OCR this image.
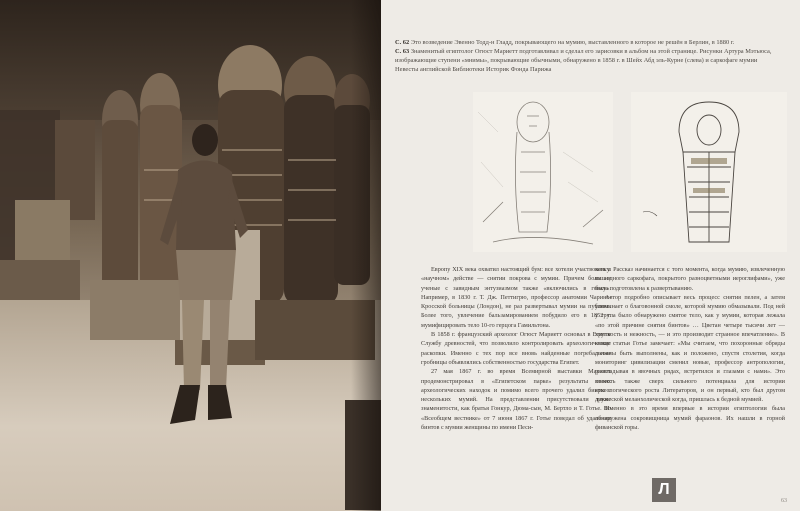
С. 62 Это возведение Эвенно Тодд-н Гладд, покрывающего на мумию, выставленного в которое не решён в Берлин, в 1880 г.
С. 63 Знаменитый египтолог Огюст Мариетт подготавливал и сделал его зарисовки в альбом на этой странице. Рисунки Артура Мэтьюса, изображающие ступени «мнимы», покрывающие обычными, обнаружено в 1858 г. в Шейх Абд эль-Курне (слева) и саркофаге мумии Невесты английской Библиотеки Историк Фонда Парижа

Европу XIX века охватил настоящий бум: все хотели участвовать в «научном» действе — снятии покрова с мумии. Причем большие ученые с завидным энтузиазмом также «включились в гонку». Например, в 1830 г. Т. Дж. Петтигрю, профессор анатомии Чаринг-Кросской больницы (Лондон), не раз развертывал мумии на публике. Более того, увлечение бальзамированием побудило его в 1852 г. мумифицировать тело 10-го герцога Гамильтона.

В 1858 г. французский археолог Огюст Мариетт основал в Египте Службу древностей, что позволило контролировать археологические раскопки. Именно с тех пор все вновь найденные погребальные гробницы объявлялись собственностью государства Египет.

27 мая 1867 г. во время Всемирной выставки Мариетт продемонстрировал в «Египетском парке» результаты своих археологических находок и помимо всего прочего удалил бинты с нескольких мумий. На представлении присутствовали такие знаменитости, как братья Гонкур, Дюма-сын, М. Бертло и Т. Готье. Во «Всеобщем вестнике» от 7 июня 1867 г. Готье поведал об удалении бинтов с мумии женщины по имени Песи-

консу. Рассказ начинается с того момента, когда мумию, извлеченную из «одного саркофага, покрытого разноцветными иероглифами», уже была подготовлена к развертыванию.

Автор подробно описывает весь процесс снятия пелен, а затем упоминает о благовонной смоле, которой мумию обмазывали. Под ней у трупа было обнаружено смятое тело, как у мумии, которая лежала «по этой причине снятия бинтов» … Цветан четыре тысячи лет — хрупкость и нежность, — и это производит странное впечатление». В конце статьи Готье замечает: «Мы считаем, что похоронные обряды должны быть выполнены, как и положено, спустя столетия, когда мониторинг цивилизации сменил новые, профессор антропологии, раскладывая в явочных рядах, встретился и глазами с нами». Это повесть также сверх сильного потенциала для истории археологического роста Литераторов, и он первый, кто был другом дружеской меланхолической когда, пришлась к бедной мумией.

Именно в это время впервые в истории египтологии была обнаружена сокровищница мумий фараонов. Их нашли в горной фиванской горы.

Л
63
